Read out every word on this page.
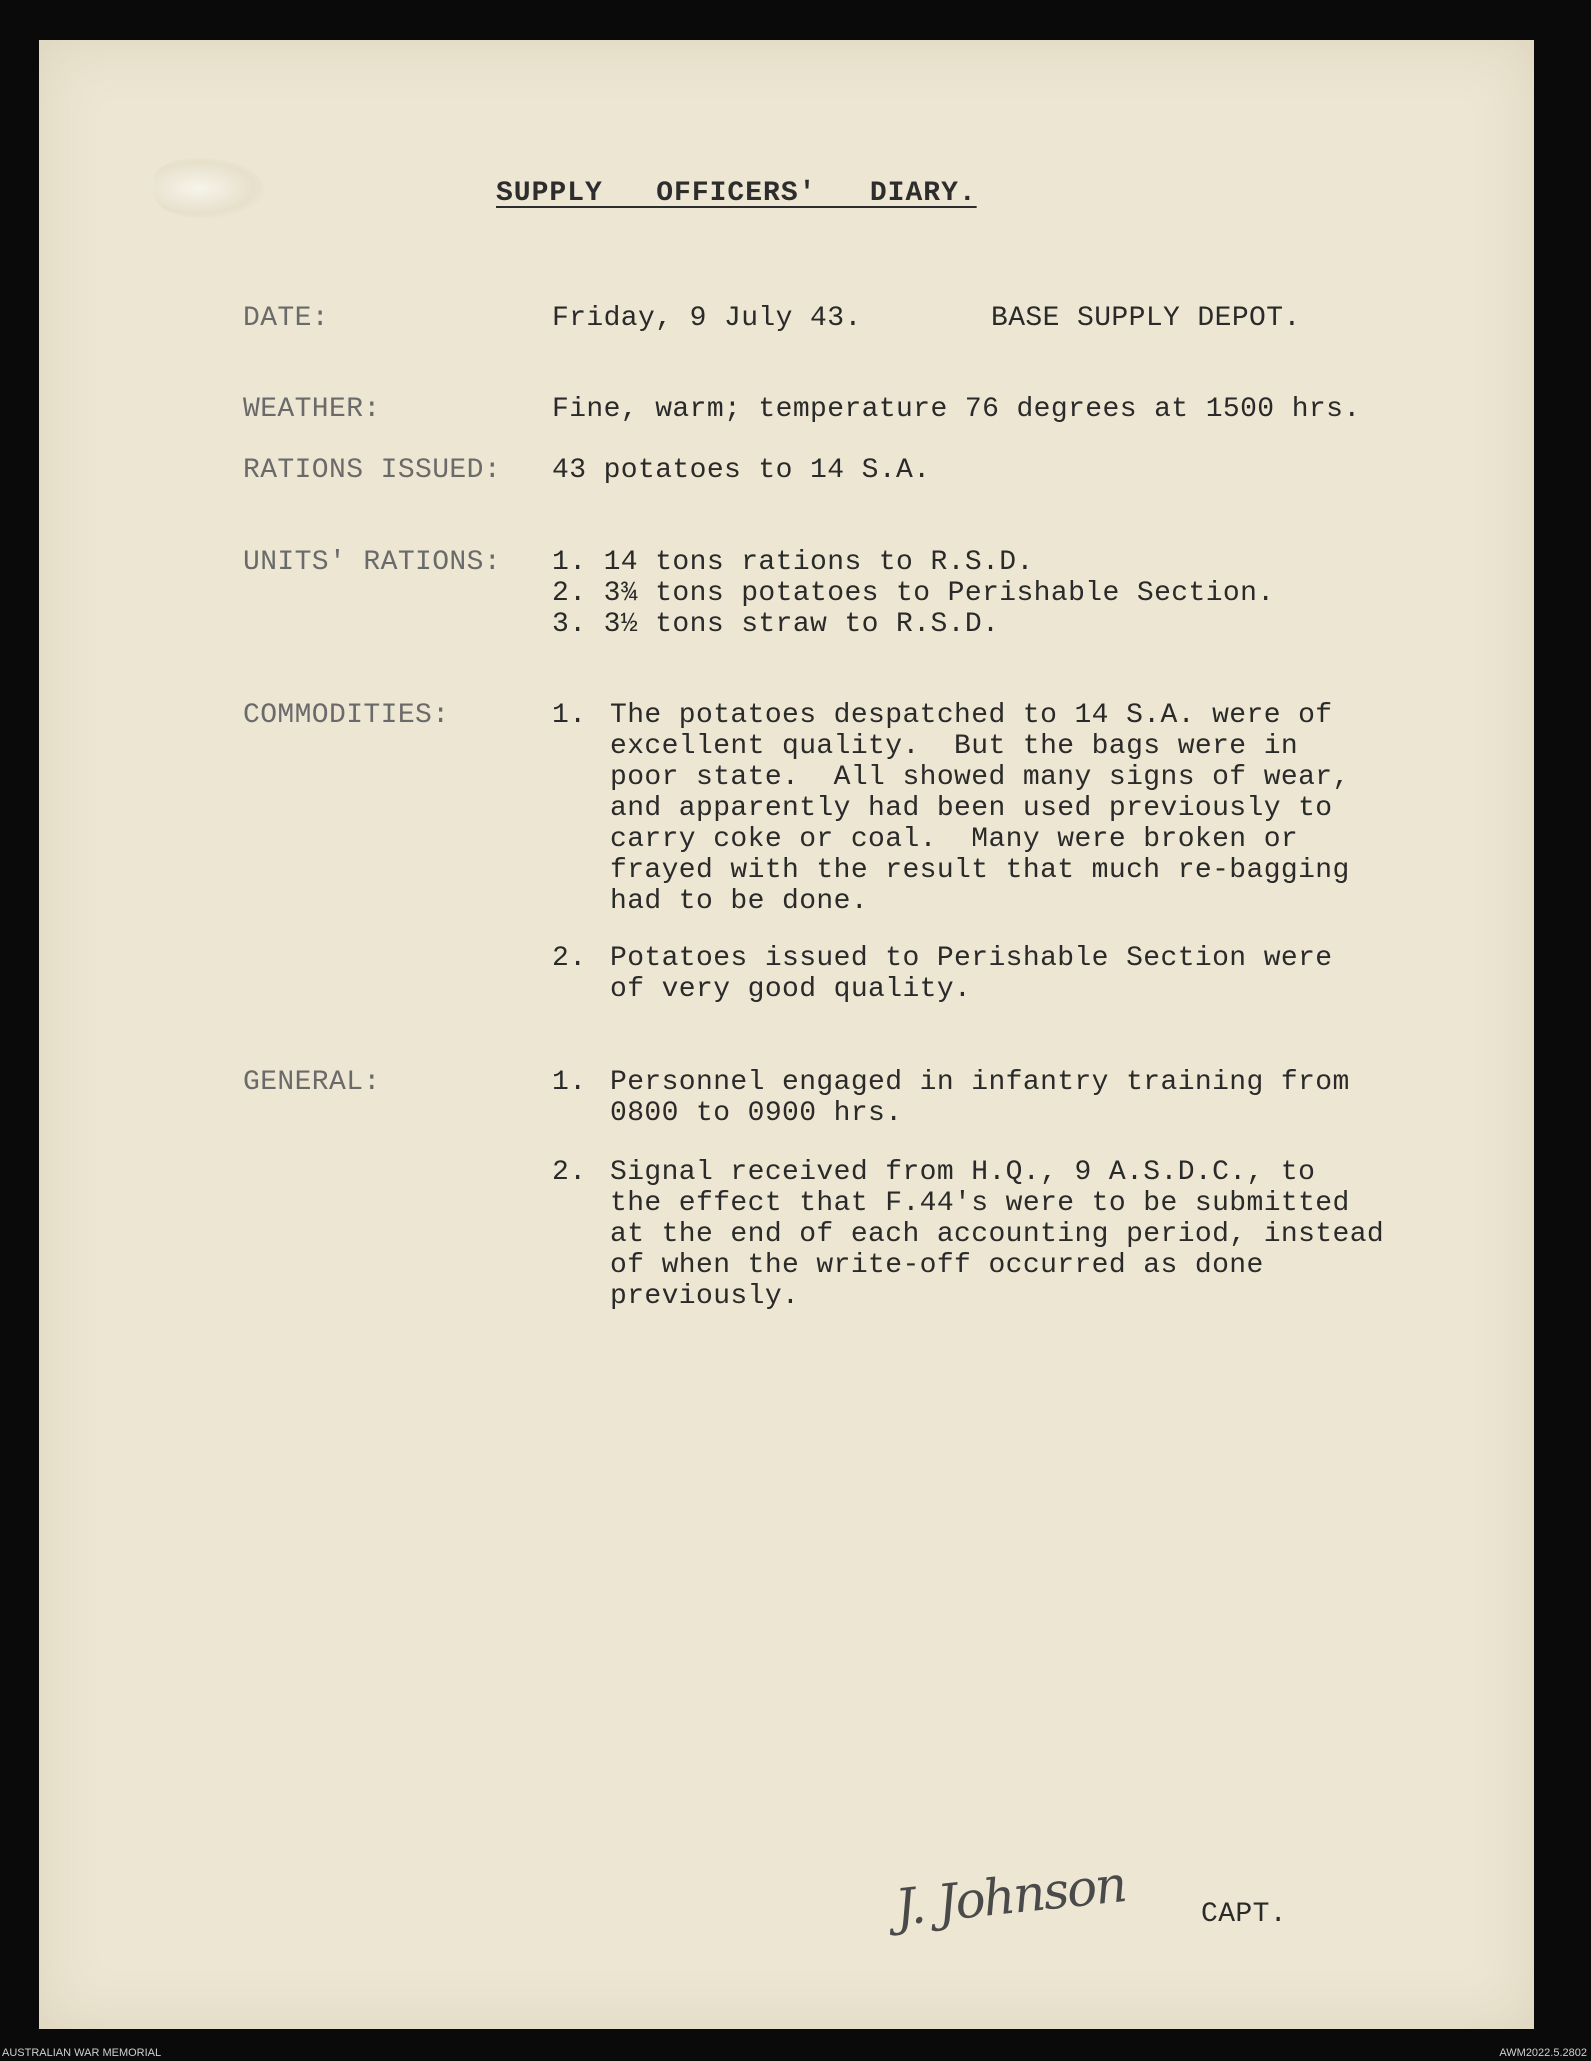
SUPPLY   OFFICERS'   DIARY.
DATE:	Friday, 9 July 43.	BASE SUPPLY DEPOT.
WEATHER:	Fine, warm; temperature 76 degrees at 1500 hrs.
RATIONS ISSUED: 43 potatoes to 14 S.A.
UNITS' RATIONS: 1. 14 tons rations to R.S.D.
2. 3¾ tons potatoes to Perishable Section.
3. 3½ tons straw to R.S.D.
COMMODITIES:	1. The potatoes despatched to 14 S.A. were of
excellent quality.  But the bags were in
poor state.  All showed many signs of wear,
and apparently had been used previously to
carry coke or coal.  Many were broken or
frayed with the result that much re-bagging
had to be done.
2. Potatoes issued to Perishable Section were
of very good quality.
GENERAL:	1. Personnel engaged in infantry training from
0800 to 0900 hrs.
2. Signal received from H.Q., 9 A.S.D.C., to
the effect that F.44's were to be submitted
at the end of each accounting period, instead
of when the write-off occurred as done
previously.
J. Johnson	CAPT.
AUSTRALIAN WAR MEMORIAL	AWM2022.5.2802
